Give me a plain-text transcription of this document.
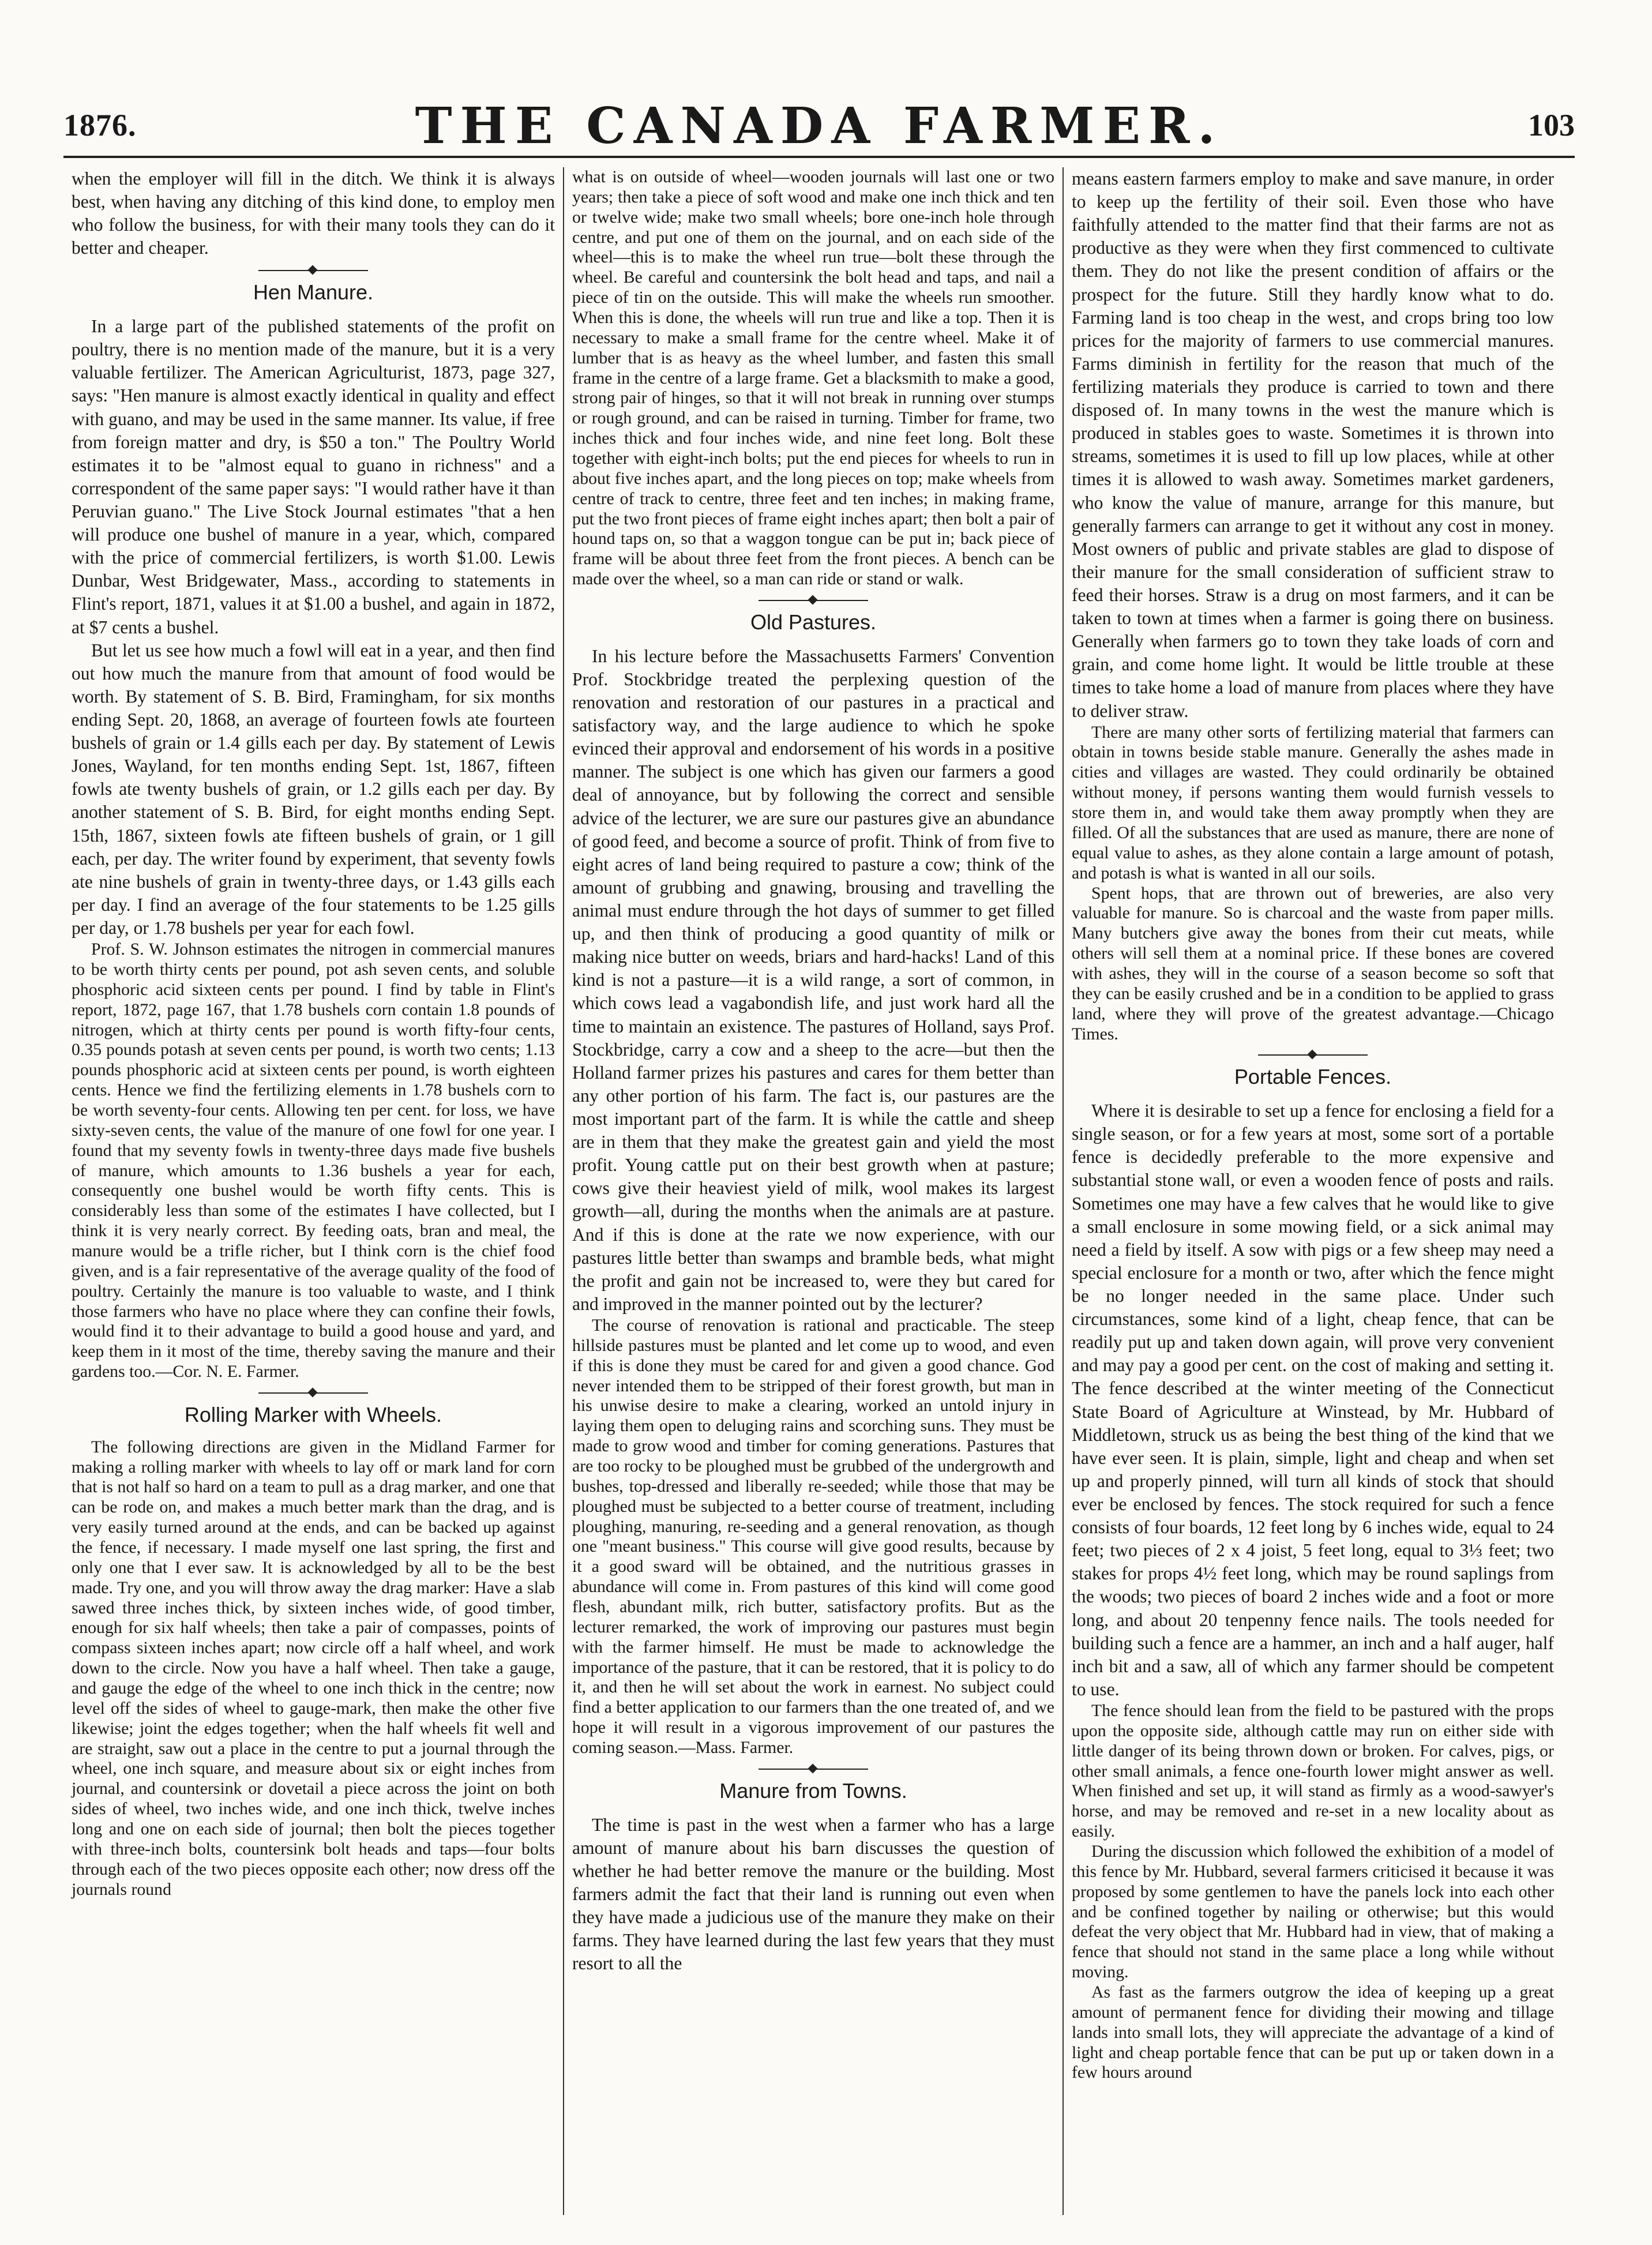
1876.	THE CANADA FARMER.	103

when the employer will fill in the ditch. We think it is always best, when having any ditching of this kind done, to employ men who follow the business, for with their many tools they can do it better and cheaper.

Hen Manure.

In a large part of the published statements of the profit on poultry, there is no mention made of the manure, but it is a very valuable fertilizer. The American Agriculturist, 1873, page 327, says: "Hen manure is almost exactly identical in quality and effect with guano, and may be used in the same manner. Its value, if free from foreign matter and dry, is $50 a ton." The Poultry World estimates it to be "almost equal to guano in richness" and a correspondent of the same paper says: "I would rather have it than Peruvian guano." The Live Stock Journal estimates "that a hen will produce one bushel of manure in a year, which, compared with the price of commercial fertilizers, is worth $1.00. Lewis Dunbar, West Bridgewater, Mass., according to statements in Flint's report, 1871, values it at $1.00 a bushel, and again in 1872, at $7 cents a bushel.

But let us see how much a fowl will eat in a year, and then find out how much the manure from that amount of food would be worth. By statement of S. B. Bird, Framingham, for six months ending Sept. 20, 1868, an average of fourteen fowls ate fourteen bushels of grain or 1.4 gills each per day. By statement of Lewis Jones, Wayland, for ten months ending Sept. 1st, 1867, fifteen fowls ate twenty bushels of grain, or 1.2 gills each per day. By another statement of S. B. Bird, for eight months ending Sept. 15th, 1867, sixteen fowls ate fifteen bushels of grain, or 1 gill each, per day. The writer found by experiment, that seventy fowls ate nine bushels of grain in twenty-three days, or 1.43 gills each per day. I find an average of the four statements to be 1.25 gills per day, or 1.78 bushels per year for each fowl.

Prof. S. W. Johnson estimates the nitrogen in commercial manures to be worth thirty cents per pound, pot ash seven cents, and soluble phosphoric acid sixteen cents per pound. I find by table in Flint's report, 1872, page 167, that 1.78 bushels corn contain 1.8 pounds of nitrogen, which at thirty cents per pound is worth fifty-four cents, 0.35 pounds potash at seven cents per pound, is worth two cents; 1.13 pounds phosphoric acid at sixteen cents per pound, is worth eighteen cents. Hence we find the fertilizing elements in 1.78 bushels corn to be worth seventy-four cents. Allowing ten per cent. for loss, we have sixty-seven cents, the value of the manure of one fowl for one year. I found that my seventy fowls in twenty-three days made five bushels of manure, which amounts to 1.36 bushels a year for each, consequently one bushel would be worth fifty cents. This is considerably less than some of the estimates I have collected, but I think it is very nearly correct. By feeding oats, bran and meal, the manure would be a trifle richer, but I think corn is the chief food given, and is a fair representative of the average quality of the food of poultry. Certainly the manure is too valuable to waste, and I think those farmers who have no place where they can confine their fowls, would find it to their advantage to build a good house and yard, and keep them in it most of the time, thereby saving the manure and their gardens too.—Cor. N. E. Farmer.

Rolling Marker with Wheels.

The following directions are given in the Midland Farmer for making a rolling marker with wheels to lay off or mark land for corn that is not half so hard on a team to pull as a drag marker, and one that can be rode on, and makes a much better mark than the drag, and is very easily turned around at the ends, and can be backed up against the fence, if necessary. I made myself one last spring, the first and only one that I ever saw. It is acknowledged by all to be the best made. Try one, and you will throw away the drag marker: Have a slab sawed three inches thick, by sixteen inches wide, of good timber, enough for six half wheels; then take a pair of compasses, points of compass sixteen inches apart; now circle off a half wheel, and work down to the circle. Now you have a half wheel. Then take a gauge, and gauge the edge of the wheel to one inch thick in the centre; now level off the sides of wheel to gauge-mark, then make the other five likewise; joint the edges together; when the half wheels fit well and are straight, saw out a place in the centre to put a journal through the wheel, one inch square, and measure about six or eight inches from journal, and countersink or dovetail a piece across the joint on both sides of wheel, two inches wide, and one inch thick, twelve inches long and one on each side of journal; then bolt the pieces together with three-inch bolts, countersink bolt heads and taps—four bolts through each of the two pieces opposite each other; now dress off the journals round

what is on outside of wheel—wooden journals will last one or two years; then take a piece of soft wood and make one inch thick and ten or twelve wide; make two small wheels; bore one-inch hole through centre, and put one of them on the journal, and on each side of the wheel—this is to make the wheel run true—bolt these through the wheel. Be careful and countersink the bolt head and taps, and nail a piece of tin on the outside. This will make the wheels run smoother. When this is done, the wheels will run true and like a top. Then it is necessary to make a small frame for the centre wheel. Make it of lumber that is as heavy as the wheel lumber, and fasten this small frame in the centre of a large frame. Get a blacksmith to make a good, strong pair of hinges, so that it will not break in running over stumps or rough ground, and can be raised in turning. Timber for frame, two inches thick and four inches wide, and nine feet long. Bolt these together with eight-inch bolts; put the end pieces for wheels to run in about five inches apart, and the long pieces on top; make wheels from centre of track to centre, three feet and ten inches; in making frame, put the two front pieces of frame eight inches apart; then bolt a pair of hound taps on, so that a waggon tongue can be put in; back piece of frame will be about three feet from the front pieces. A bench can be made over the wheel, so a man can ride or stand or walk.

Old Pastures.

In his lecture before the Massachusetts Farmers' Convention Prof. Stockbridge treated the perplexing question of the renovation and restoration of our pastures in a practical and satisfactory way, and the large audience to which he spoke evinced their approval and endorsement of his words in a positive manner. The subject is one which has given our farmers a good deal of annoyance, but by following the correct and sensible advice of the lecturer, we are sure our pastures give an abundance of good feed, and become a source of profit. Think of from five to eight acres of land being required to pasture a cow; think of the amount of grubbing and gnawing, brousing and travelling the animal must endure through the hot days of summer to get filled up, and then think of producing a good quantity of milk or making nice butter on weeds, briars and hard-hacks! Land of this kind is not a pasture—it is a wild range, a sort of common, in which cows lead a vagabondish life, and just work hard all the time to maintain an existence. The pastures of Holland, says Prof. Stockbridge, carry a cow and a sheep to the acre—but then the Holland farmer prizes his pastures and cares for them better than any other portion of his farm. The fact is, our pastures are the most important part of the farm. It is while the cattle and sheep are in them that they make the greatest gain and yield the most profit. Young cattle put on their best growth when at pasture; cows give their heaviest yield of milk, wool makes its largest growth—all, during the months when the animals are at pasture. And if this is done at the rate we now experience, with our pastures little better than swamps and bramble beds, what might the profit and gain not be increased to, were they but cared for and improved in the manner pointed out by the lecturer?

The course of renovation is rational and practicable. The steep hillside pastures must be planted and let come up to wood, and even if this is done they must be cared for and given a good chance. God never intended them to be stripped of their forest growth, but man in his unwise desire to make a clearing, worked an untold injury in laying them open to deluging rains and scorching suns. They must be made to grow wood and timber for coming generations. Pastures that are too rocky to be ploughed must be grubbed of the undergrowth and bushes, top-dressed and liberally re-seeded; while those that may be ploughed must be subjected to a better course of treatment, including ploughing, manuring, re-seeding and a general renovation, as though one "meant business." This course will give good results, because by it a good sward will be obtained, and the nutritious grasses in abundance will come in. From pastures of this kind will come good flesh, abundant milk, rich butter, satisfactory profits. But as the lecturer remarked, the work of improving our pastures must begin with the farmer himself. He must be made to acknowledge the importance of the pasture, that it can be restored, that it is policy to do it, and then he will set about the work in earnest. No subject could find a better application to our farmers than the one treated of, and we hope it will result in a vigorous improvement of our pastures the coming season.—Mass. Farmer.

Manure from Towns.

The time is past in the west when a farmer who has a large amount of manure about his barn discusses the question of whether he had better remove the manure or the building. Most farmers admit the fact that their land is running out even when they have made a judicious use of the manure they make on their farms. They have learned during the last few years that they must resort to all the

means eastern farmers employ to make and save manure, in order to keep up the fertility of their soil. Even those who have faithfully attended to the matter find that their farms are not as productive as they were when they first commenced to cultivate them. They do not like the present condition of affairs or the prospect for the future. Still they hardly know what to do. Farming land is too cheap in the west, and crops bring too low prices for the majority of farmers to use commercial manures. Farms diminish in fertility for the reason that much of the fertilizing materials they produce is carried to town and there disposed of. In many towns in the west the manure which is produced in stables goes to waste. Sometimes it is thrown into streams, sometimes it is used to fill up low places, while at other times it is allowed to wash away. Sometimes market gardeners, who know the value of manure, arrange for this manure, but generally farmers can arrange to get it without any cost in money. Most owners of public and private stables are glad to dispose of their manure for the small consideration of sufficient straw to feed their horses. Straw is a drug on most farmers, and it can be taken to town at times when a farmer is going there on business. Generally when farmers go to town they take loads of corn and grain, and come home light. It would be little trouble at these times to take home a load of manure from places where they have to deliver straw.

There are many other sorts of fertilizing material that farmers can obtain in towns beside stable manure. Generally the ashes made in cities and villages are wasted. They could ordinarily be obtained without money, if persons wanting them would furnish vessels to store them in, and would take them away promptly when they are filled. Of all the substances that are used as manure, there are none of equal value to ashes, as they alone contain a large amount of potash, and potash is what is wanted in all our soils.

Spent hops, that are thrown out of breweries, are also very valuable for manure. So is charcoal and the waste from paper mills. Many butchers give away the bones from their cut meats, while others will sell them at a nominal price. If these bones are covered with ashes, they will in the course of a season become so soft that they can be easily crushed and be in a condition to be applied to grass land, where they will prove of the greatest advantage.—Chicago Times.

Portable Fences.

Where it is desirable to set up a fence for enclosing a field for a single season, or for a few years at most, some sort of a portable fence is decidedly preferable to the more expensive and substantial stone wall, or even a wooden fence of posts and rails. Sometimes one may have a few calves that he would like to give a small enclosure in some mowing field, or a sick animal may need a field by itself. A sow with pigs or a few sheep may need a special enclosure for a month or two, after which the fence might be no longer needed in the same place. Under such circumstances, some kind of a light, cheap fence, that can be readily put up and taken down again, will prove very convenient and may pay a good per cent. on the cost of making and setting it. The fence described at the winter meeting of the Connecticut State Board of Agriculture at Winstead, by Mr. Hubbard of Middletown, struck us as being the best thing of the kind that we have ever seen. It is plain, simple, light and cheap and when set up and properly pinned, will turn all kinds of stock that should ever be enclosed by fences. The stock required for such a fence consists of four boards, 12 feet long by 6 inches wide, equal to 24 feet; two pieces of 2 x 4 joist, 5 feet long, equal to 3⅓ feet; two stakes for props 4½ feet long, which may be round saplings from the woods; two pieces of board 2 inches wide and a foot or more long, and about 20 tenpenny fence nails. The tools needed for building such a fence are a hammer, an inch and a half auger, half inch bit and a saw, all of which any farmer should be competent to use.

The fence should lean from the field to be pastured with the props upon the opposite side, although cattle may run on either side with little danger of its being thrown down or broken. For calves, pigs, or other small animals, a fence one-fourth lower might answer as well. When finished and set up, it will stand as firmly as a wood-sawyer's horse, and may be removed and re-set in a new locality about as easily.

During the discussion which followed the exhibition of a model of this fence by Mr. Hubbard, several farmers criticised it because it was proposed by some gentlemen to have the panels lock into each other and be confined together by nailing or otherwise; but this would defeat the very object that Mr. Hubbard had in view, that of making a fence that should not stand in the same place a long while without moving.

As fast as the farmers outgrow the idea of keeping up a great amount of permanent fence for dividing their mowing and tillage lands into small lots, they will appreciate the advantage of a kind of light and cheap portable fence that can be put up or taken down in a few hours around
